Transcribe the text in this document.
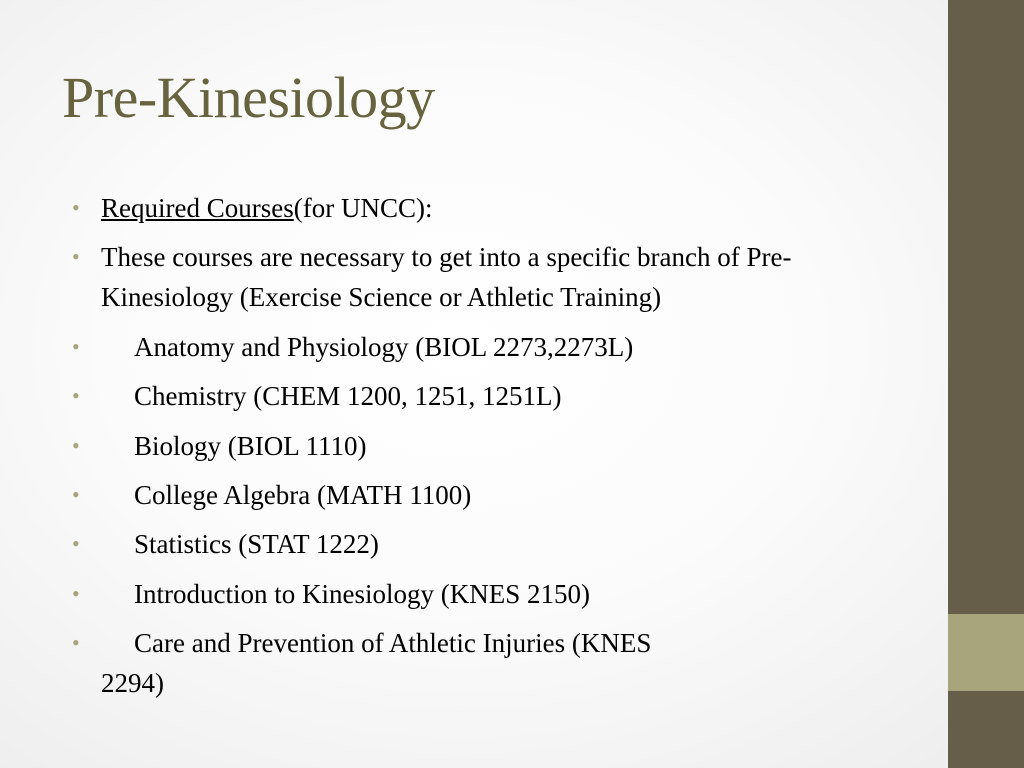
Pre-Kinesiology
• Required Courses(for UNCC):
• These courses are necessary to get into a specific branch of Pre-Kinesiology (Exercise Science or Athletic Training)
• Anatomy and Physiology (BIOL 2273,2273L)
• Chemistry (CHEM 1200, 1251, 1251L)
• Biology (BIOL 1110)
• College Algebra (MATH 1100)
• Statistics (STAT 1222)
• Introduction to Kinesiology (KNES 2150)
• Care and Prevention of Athletic Injuries (KNES
2294)
